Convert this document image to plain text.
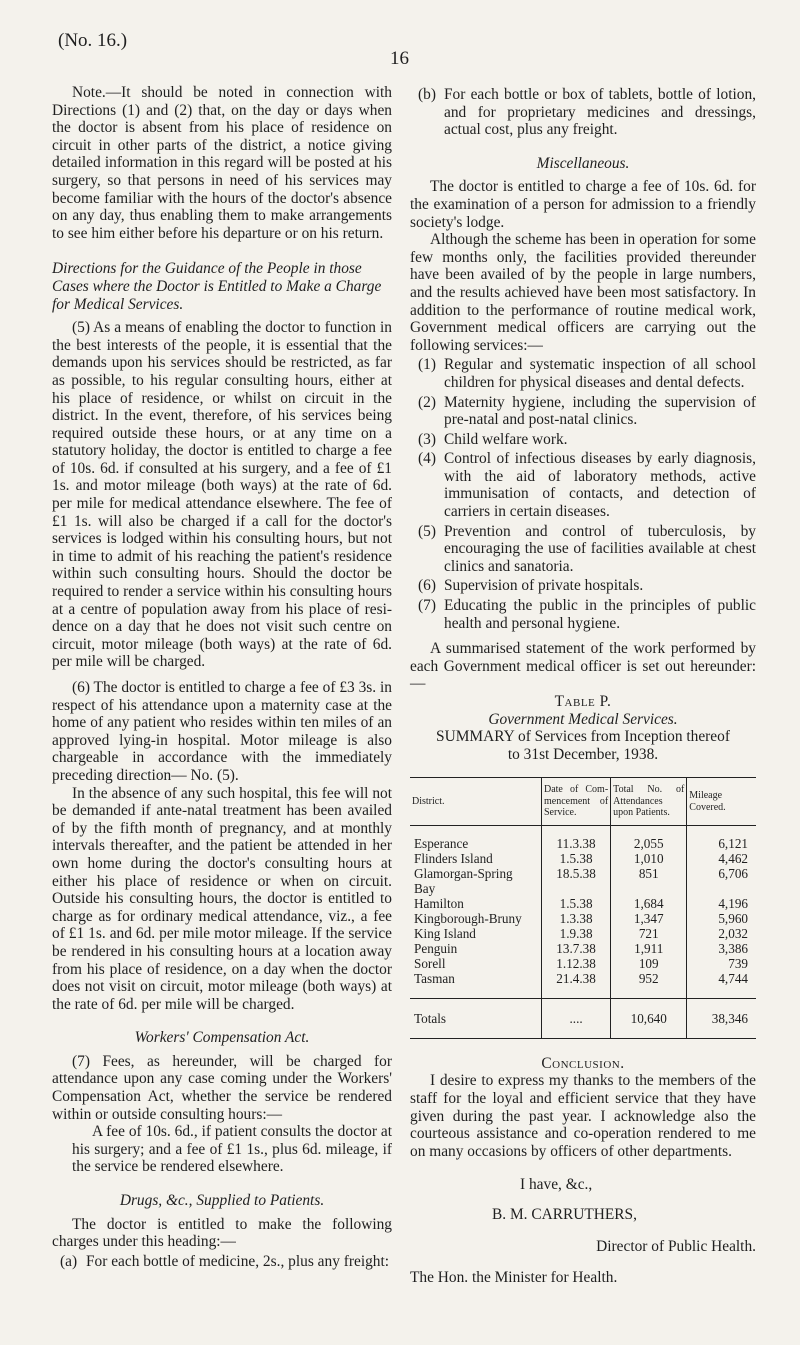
(No. 16.)
16

Note.—It should be noted in connection with Directions (1) and (2) that, on the day or days when the doctor is absent from his place of residence on circuit in other parts of the district, a notice giving detailed information in this regard will be posted at his surgery, so that persons in need of his services may become familiar with the hours of the doctor's absence on any day, thus enabling them to make arrangements to see him either before his departure or on his return.

Directions for the Guidance of the People in those Cases where the Doctor is Entitled to Make a Charge for Medical Services.

(5) As a means of enabling the doctor to function in the best interests of the people, it is essential that the demands upon his services should be restricted, as far as possible, to his regular consulting hours, either at his place of residence, or whilst on circuit in the district. In the event, therefore, of his services being required outside these hours, or at any time on a statutory holiday, the doctor is entitled to charge a fee of 10s. 6d. if consulted at his surgery, and a fee of £1 1s. and motor mileage (both ways) at the rate of 6d. per mile for medical attendance elsewhere. The fee of £1 1s. will also be charged if a call for the doctor's services is lodged within his consulting hours, but not in time to admit of his reaching the patient's residence within such consulting hours. Should the doctor be required to render a service within his consulting hours at a centre of population away from his place of residence on a day that he does not visit such centre on circuit, motor mileage (both ways) at the rate of 6d. per mile will be charged.

(6) The doctor is entitled to charge a fee of £3 3s. in respect of his attendance upon a maternity case at the home of any patient who resides within ten miles of an approved lying-in hospital. Motor mileage is also chargeable in accordance with the immediately preceding direction— No. (5).

In the absence of any such hospital, this fee will not be demanded if ante-natal treatment has been availed of by the fifth month of pregnancy, and at monthly intervals thereafter, and the patient be attended in her own home during the doctor's consulting hours at either his place of residence or when on circuit. Outside his consulting hours, the doctor is entitled to charge as for ordinary medical attendance, viz., a fee of £1 1s. and 6d. per mile motor mileage. If the service be rendered in his consulting hours at a location away from his place of residence, on a day when the doctor does not visit on circuit, motor mileage (both ways) at the rate of 6d. per mile will be charged.

Workers' Compensation Act.

(7) Fees, as hereunder, will be charged for attendance upon any case coming under the Workers' Compensation Act, whether the service be rendered within or outside consulting hours:—

A fee of 10s. 6d., if patient consults the doctor at his surgery; and a fee of £1 1s., plus 6d. mileage, if the service be rendered elsewhere.

Drugs, &c., Supplied to Patients.

The doctor is entitled to make the following charges under this heading:—

(a) For each bottle of medicine, 2s., plus any freight:
(b) For each bottle or box of tablets, bottle of lotion, and for proprietary medicines and dressings, actual cost, plus any freight.

Miscellaneous.

The doctor is entitled to charge a fee of 10s. 6d. for the examination of a person for admission to a friendly society's lodge.

Although the scheme has been in operation for some few months only, the facilities provided thereunder have been availed of by the people in large numbers, and the results achieved have been most satisfactory. In addition to the performance of routine medical work, Government medical officers are carrying out the following services:—

(1) Regular and systematic inspection of all school children for physical diseases and dental defects.
(2) Maternity hygiene, including the supervision of pre-natal and post-natal clinics.
(3) Child welfare work.
(4) Control of infectious diseases by early diagnosis, with the aid of laboratory methods, active immunisation of contacts, and detection of carriers in certain diseases.
(5) Prevention and control of tuberculosis, by encouraging the use of facilities available at chest clinics and sanatoria.
(6) Supervision of private hospitals.
(7) Educating the public in the principles of public health and personal hygiene.

A summarised statement of the work performed by each Government medical officer is set out hereunder:—

Table P.

Government Medical Services.

SUMMARY of Services from Inception thereof

to 31st December, 1938.

District.	Date of Commencement of Service.	Total No. of Attendances upon Patients.	Mileage Covered.
Esperance	11.3.38	2,055	6,121
Flinders Island	1.5.38	1,010	4,462
Glamorgan-Spring Bay	18.5.38	851	6,706
Hamilton	1.5.38	1,684	4,196
Kingborough-Bruny	1.3.38	1,347	5,960
King Island	1.9.38	721	2,032
Penguin	13.7.38	1,911	3,386
Sorell	1.12.38	109	739
Tasman	21.4.38	952	4,744
Totals	....	10,640	38,346

Conclusion.

I desire to express my thanks to the members of the staff for the loyal and efficient service that they have given during the past year. I acknowledge also the courteous assistance and co-operation rendered to me on many occasions by officers of other departments.

I have, &c.,

B. M. CARRUTHERS,

Director of Public Health.

The Hon. the Minister for Health.
